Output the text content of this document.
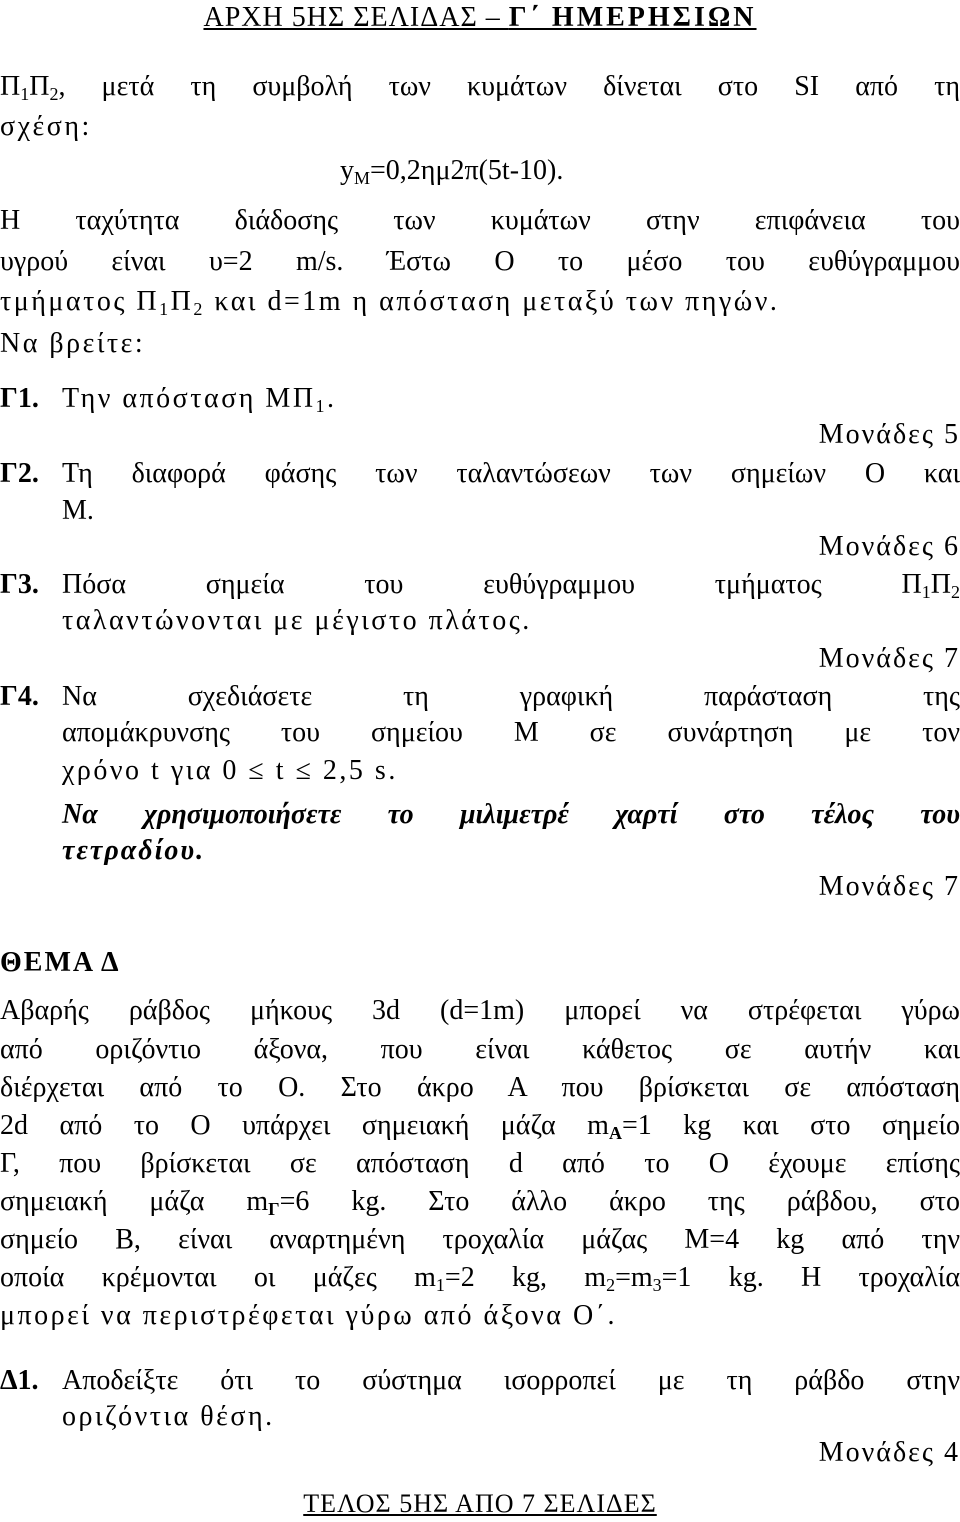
ΑΡΧΗ 5ΗΣ ΣΕΛΙΔΑΣ – Γ΄ ΗΜΕΡΗΣΙΩΝ
$\Pi_1\Pi_2$, μετά τη συμβολή των κυμάτων δίνεται στο SI από τη
σχέση:
$y_M=0,2\eta\mu 2\pi(5t-10)$.
Η ταχύτητα διάδοσης των κυμάτων στην επιφάνεια του
υγρού είναι υ=2 m/s. Έστω Ο το μέσο του ευθύγραμμου
τμήματος $\Pi_1\Pi_2$ και d=1m η απόσταση μεταξύ των πηγών.
Να βρείτε:
Γ1. Την απόσταση $M\Pi_1$.
Μονάδες 5
Γ2. Τη διαφορά φάσης των ταλαντώσεων των σημείων Ο και
Μ.
Μονάδες 6
Γ3. Πόσα σημεία του ευθύγραμμου τμήματος $\Pi_1\Pi_2$
ταλαντώνονται με μέγιστο πλάτος.
Μονάδες 7
Γ4. Να σχεδιάσετε τη γραφική παράσταση της
απομάκρυνσης του σημείου Μ σε συνάρτηση με τον
χρόνο t για 0 ≤ t ≤ 2,5 s.
Να χρησιμοποιήσετε το μιλιμετρέ χαρτί στο τέλος του
τετραδίου.
Μονάδες 7
ΘΕΜΑ Δ
Αβαρής ράβδος μήκους 3d (d=1m) μπορεί να στρέφεται γύρω
από οριζόντιο άξονα, που είναι κάθετος σε αυτήν και
διέρχεται από το Ο. Στο άκρο Α που βρίσκεται σε απόσταση
2d από το Ο υπάρχει σημειακή μάζα mΑ=1 kg και στο σημείο
Γ, που βρίσκεται σε απόσταση d από το Ο έχουμε επίσης
σημειακή μάζα mΓ=6 kg. Στο άλλο άκρο της ράβδου, στο
σημείο Β, είναι αναρτημένη τροχαλία μάζας Μ=4 kg από την
οποία κρέμονται οι μάζες $m_1=2$ kg, $m_2=m_3=1$ kg. Η τροχαλία
μπορεί να περιστρέφεται γύρω από άξονα Ο΄.
Δ1. Αποδείξτε ότι το σύστημα ισορροπεί με τη ράβδο στην
οριζόντια θέση.
Μονάδες 4
ΤΕΛΟΣ 5ΗΣ ΑΠΟ 7 ΣΕΛΙΔΕΣ
